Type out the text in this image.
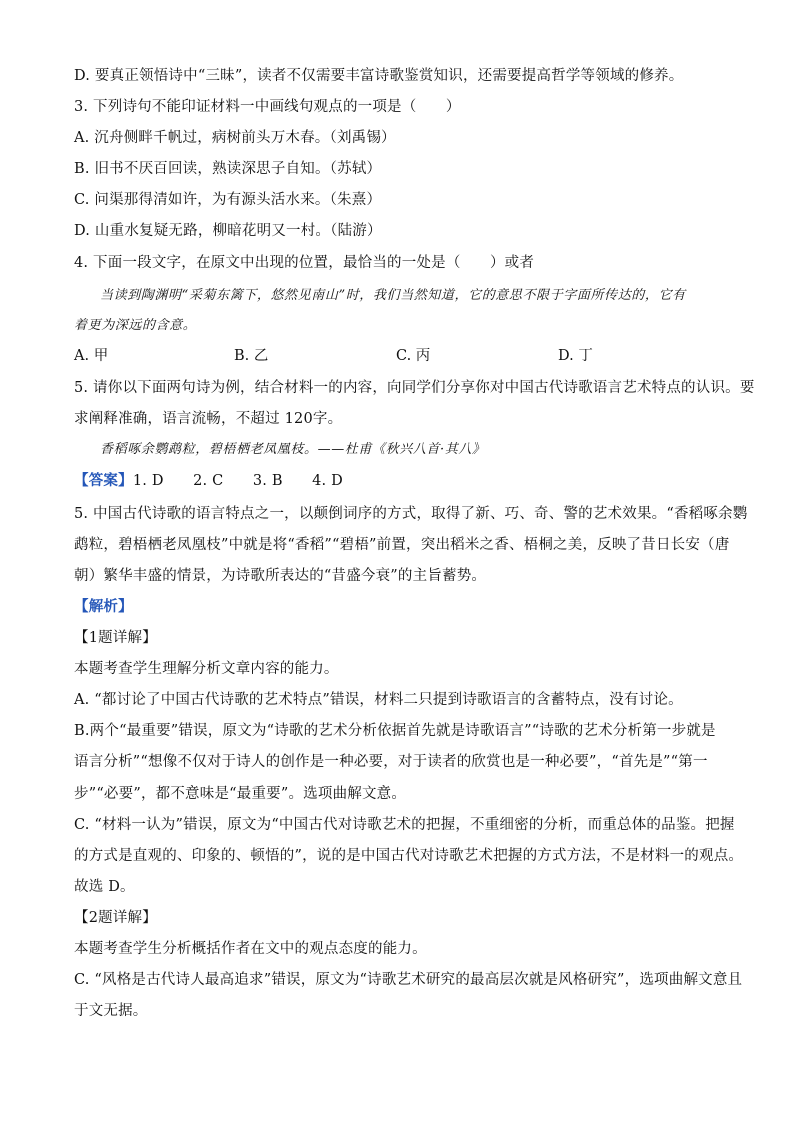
D. 要真正领悟诗中“三昧”，读者不仅需要丰富诗歌鉴赏知识，还需要提高哲学等领域的修养。
3. 下列诗句不能印证材料一中画线句观点的一项是（　　）
A. 沉舟侧畔千帆过，病树前头万木春。（刘禹锡）
B. 旧书不厌百回读，熟读深思子自知。（苏轼）
C. 问渠那得清如许，为有源头活水来。（朱熹）
D. 山重水复疑无路，柳暗花明又一村。（陆游）
4. 下面一段文字，在原文中出现的位置，最恰当的一处是（　　）或者
当读到陶渊明“采菊东篱下，悠然见南山”时，我们当然知道，它的意思不限于字面所传达的，它有
着更为深远的含意。
A. 甲	B. 乙	C. 丙	D. 丁
5. 请你以下面两句诗为例，结合材料一的内容，向同学们分享你对中国古代诗歌语言艺术特点的认识。要
求阐释准确，语言流畅，不超过 120字。
香稻啄余鹦鹉粒，碧梧栖老凤凰枝。——杜甫《秋兴八首·其八》
【答案】1. D　　2. C　　3. B　　4. D
5. 中国古代诗歌的语言特点之一，以颠倒词序的方式，取得了新、巧、奇、警的艺术效果。“香稻啄余鹦
鹉粒，碧梧栖老凤凰枝”中就是将“香稻”“碧梧”前置，突出稻米之香、梧桐之美，反映了昔日长安（唐
朝）繁华丰盛的情景，为诗歌所表达的“昔盛今衰”的主旨蓄势。
【解析】
【1题详解】
本题考查学生理解分析文章内容的能力。
A. “都讨论了中国古代诗歌的艺术特点”错误，材料二只提到诗歌语言的含蓄特点，没有讨论。
B.两个“最重要”错误，原文为“诗歌的艺术分析依据首先就是诗歌语言”“诗歌的艺术分析第一步就是
语言分析”“想像不仅对于诗人的创作是一种必要，对于读者的欣赏也是一种必要”，“首先是”“第一
步”“必要”，都不意味是“最重要”。选项曲解文意。
C. “材料一认为”错误，原文为“中国古代对诗歌艺术的把握，不重细密的分析，而重总体的品鉴。把握
的方式是直观的、印象的、顿悟的”，说的是中国古代对诗歌艺术把握的方式方法，不是材料一的观点。
故选 D。
【2题详解】
本题考查学生分析概括作者在文中的观点态度的能力。
C. “风格是古代诗人最高追求”错误，原文为“诗歌艺术研究的最高层次就是风格研究”，选项曲解文意且
于文无据。
